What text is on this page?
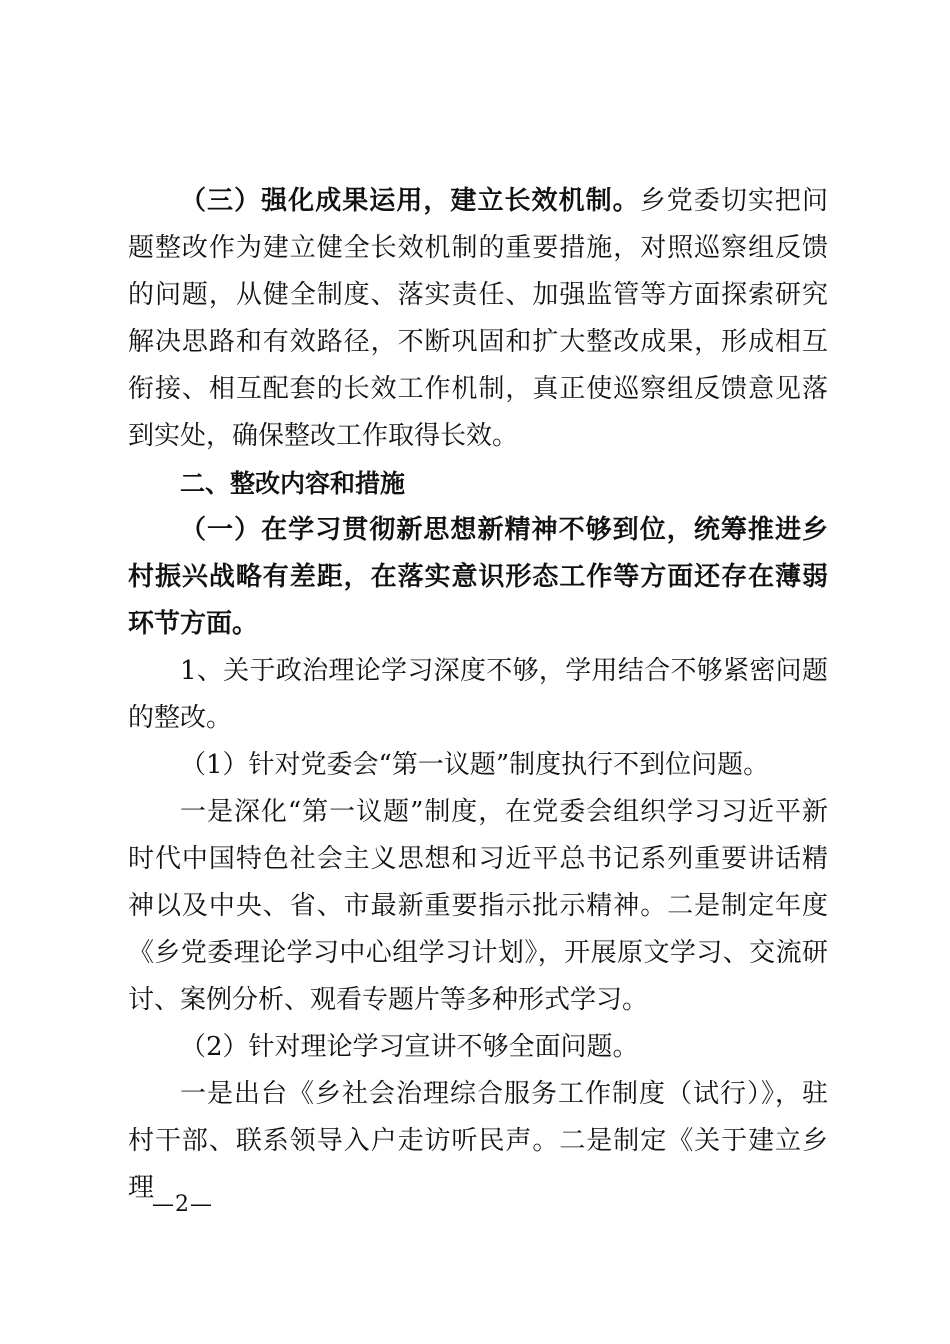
（三）强化成果运用，建立长效机制。乡党委切实把问题整改作为建立健全长效机制的重要措施，对照巡察组反馈的问题，从健全制度、落实责任、加强监管等方面探索研究解决思路和有效路径，不断巩固和扩大整改成果，形成相互衔接、相互配套的长效工作机制，真正使巡察组反馈意见落到实处，确保整改工作取得长效。

二、整改内容和措施

（一）在学习贯彻新思想新精神不够到位，统筹推进乡村振兴战略有差距，在落实意识形态工作等方面还存在薄弱环节方面。

1、关于政治理论学习深度不够，学用结合不够紧密问题的整改。

（1）针对党委会“第一议题”制度执行不到位问题。

一是深化“第一议题”制度，在党委会组织学习习近平新时代中国特色社会主义思想和习近平总书记系列重要讲话精神以及中央、省、市最新重要指示批示精神。二是制定年度《乡党委理论学习中心组学习计划》，开展原文学习、交流研讨、案例分析、观看专题片等多种形式学习。

（2）针对理论学习宣讲不够全面问题。

一是出台《乡社会治理综合服务工作制度（试行）》，驻村干部、联系领导入户走访听民声。二是制定《关于建立乡理

—2—
